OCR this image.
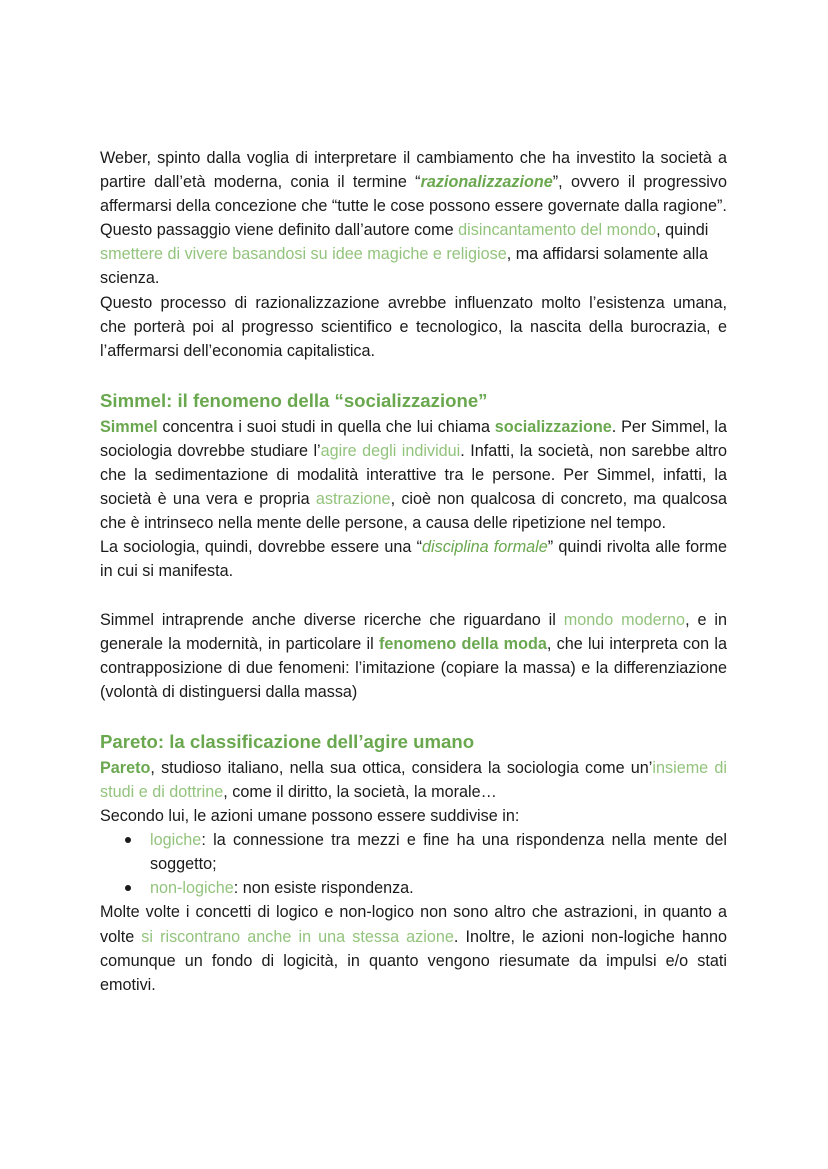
Weber, spinto dalla voglia di interpretare il cambiamento che ha investito la società a partire dall’età moderna, conia il termine “razionalizzazione”, ovvero il progressivo affermarsi della concezione che “tutte le cose possono essere governate dalla ragione”.

Questo passaggio viene definito dall’autore come disincantamento del mondo, quindi smettere di vivere basandosi su idee magiche e religiose, ma affidarsi solamente alla scienza.

Questo processo di razionalizzazione avrebbe influenzato molto l’esistenza umana, che porterà poi al progresso scientifico e tecnologico, la nascita della burocrazia, e l’affermarsi dell’economia capitalistica.

Simmel: il fenomeno della “socializzazione”

Simmel concentra i suoi studi in quella che lui chiama socializzazione. Per Simmel, la sociologia dovrebbe studiare l’agire degli individui. Infatti, la società, non sarebbe altro che la sedimentazione di modalità interattive tra le persone. Per Simmel, infatti, la società è una vera e propria astrazione, cioè non qualcosa di concreto, ma qualcosa che è intrinseco nella mente delle persone, a causa delle ripetizione nel tempo.

La sociologia, quindi, dovrebbe essere una “disciplina formale” quindi rivolta alle forme in cui si manifesta.

Simmel intraprende anche diverse ricerche che riguardano il mondo moderno, e in generale la modernità, in particolare il fenomeno della moda, che lui interpreta con la contrapposizione di due fenomeni: l’imitazione (copiare la massa) e la differenziazione (volontà di distinguersi dalla massa)

Pareto: la classificazione dell’agire umano

Pareto, studioso italiano, nella sua ottica, considera la sociologia come un’insieme di studi e di dottrine, come il diritto, la società, la morale…

Secondo lui, le azioni umane possono essere suddivise in:

logiche: la connessione tra mezzi e fine ha una rispondenza nella mente del soggetto;
non-logiche: non esiste rispondenza.

Molte volte i concetti di logico e non-logico non sono altro che astrazioni, in quanto a volte si riscontrano anche in una stessa azione. Inoltre, le azioni non-logiche hanno comunque un fondo di logicità, in quanto vengono riesumate da impulsi e/o stati emotivi.
